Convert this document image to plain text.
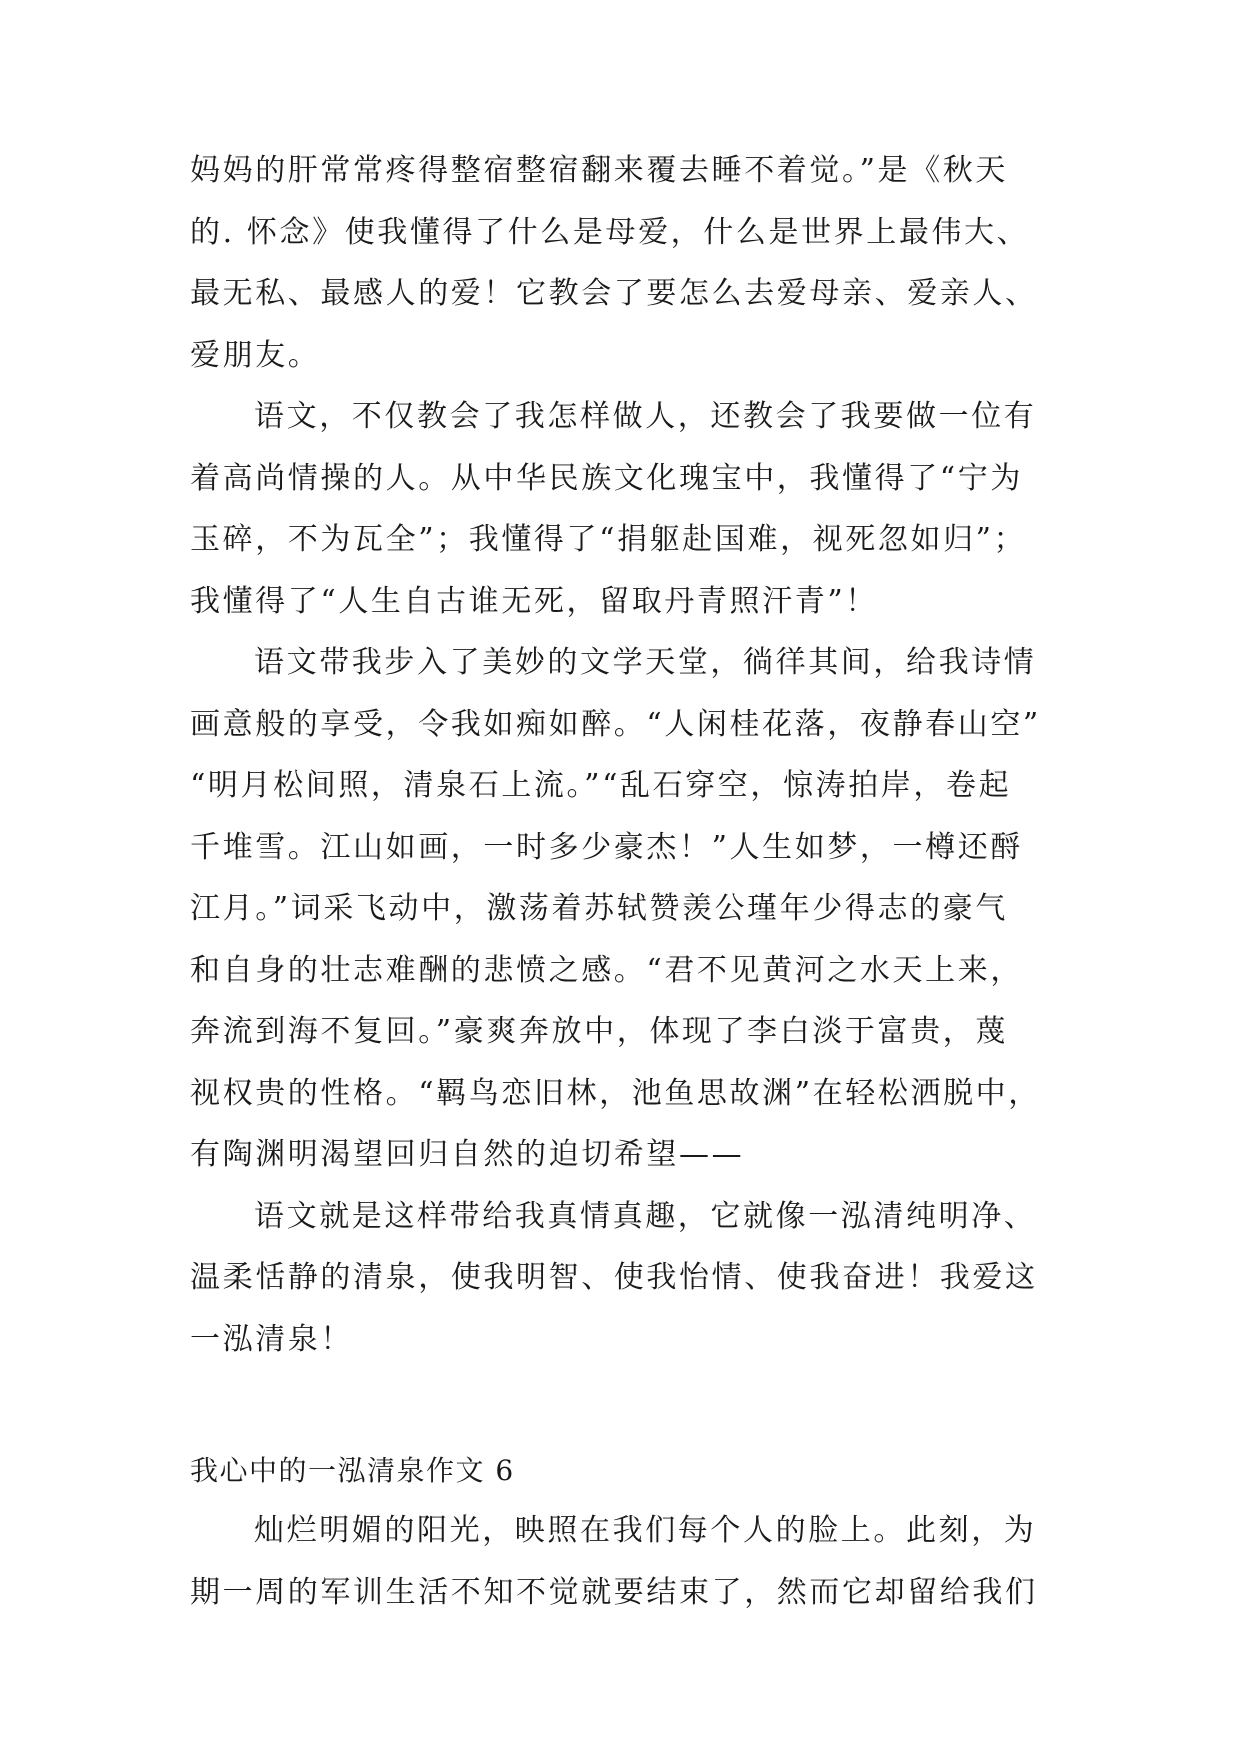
妈妈的肝常常疼得整宿整宿翻来覆去睡不着觉。”是《秋天
的. 怀念》使我懂得了什么是母爱，什么是世界上最伟大、
最无私、最感人的爱！它教会了要怎么去爱母亲、爱亲人、
爱朋友。
语文，不仅教会了我怎样做人，还教会了我要做一位有
着高尚情操的人。从中华民族文化瑰宝中，我懂得了“宁为
玉碎，不为瓦全”；我懂得了“捐躯赴国难，视死忽如归”；
我懂得了“人生自古谁无死，留取丹青照汗青”！
语文带我步入了美妙的文学天堂，徜徉其间，给我诗情
画意般的享受，令我如痴如醉。“人闲桂花落，夜静春山空”
“明月松间照，清泉石上流。”“乱石穿空，惊涛拍岸，卷起
千堆雪。江山如画，一时多少豪杰！”人生如梦，一樽还酹
江月。”词采飞动中，激荡着苏轼赞羡公瑾年少得志的豪气
和自身的壮志难酬的悲愤之感。“君不见黄河之水天上来，
奔流到海不复回。”豪爽奔放中，体现了李白淡于富贵，蔑
视权贵的性格。“羁鸟恋旧林，池鱼思故渊”在轻松洒脱中，
有陶渊明渴望回归自然的迫切希望——
语文就是这样带给我真情真趣，它就像一泓清纯明净、
温柔恬静的清泉，使我明智、使我怡情、使我奋进！我爱这
一泓清泉！
我心中的一泓清泉作文 6
灿烂明媚的阳光，映照在我们每个人的脸上。此刻，为
期一周的军训生活不知不觉就要结束了，然而它却留给我们
